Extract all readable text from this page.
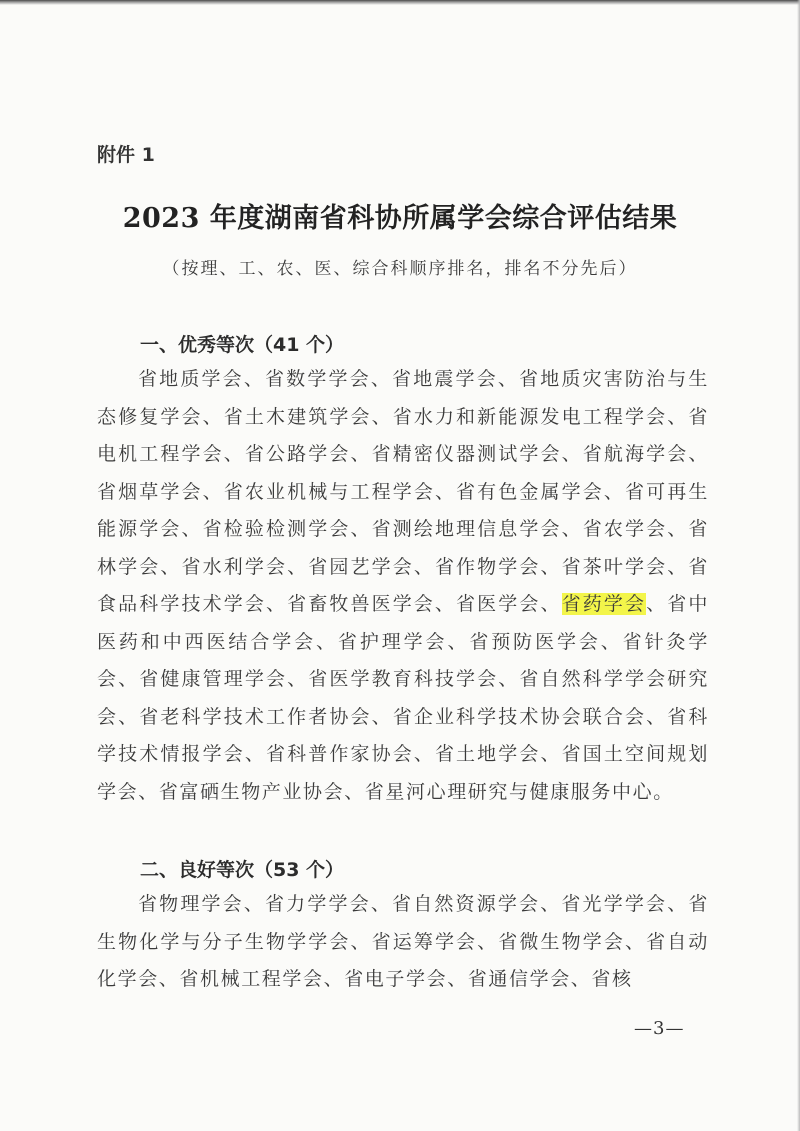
附件 1
2023 年度湖南省科协所属学会综合评估结果
（按理、工、农、医、综合科顺序排名，排名不分先后）
一、优秀等次（41 个）

省地质学会、省数学学会、省地震学会、省地质灾害防治与生态修复学会、省土木建筑学会、省水力和新能源发电工程学会、省电机工程学会、省公路学会、省精密仪器测试学会、省航海学会、省烟草学会、省农业机械与工程学会、省有色金属学会、省可再生能源学会、省检验检测学会、省测绘地理信息学会、省农学会、省林学会、省水利学会、省园艺学会、省作物学会、省茶叶学会、省食品科学技术学会、省畜牧兽医学会、省医学会、省药学会、省中医药和中西医结合学会、省护理学会、省预防医学会、省针灸学会、省健康管理学会、省医学教育科技学会、省自然科学学会研究会、省老科学技术工作者协会、省企业科学技术协会联合会、省科学技术情报学会、省科普作家协会、省土地学会、省国土空间规划学会、省富硒生物产业协会、省星河心理研究与健康服务中心。

二、良好等次（53 个）

省物理学会、省力学学会、省自然资源学会、省光学学会、省生物化学与分子生物学学会、省运筹学会、省微生物学会、省自动化学会、省机械工程学会、省电子学会、省通信学会、省核

—3—
